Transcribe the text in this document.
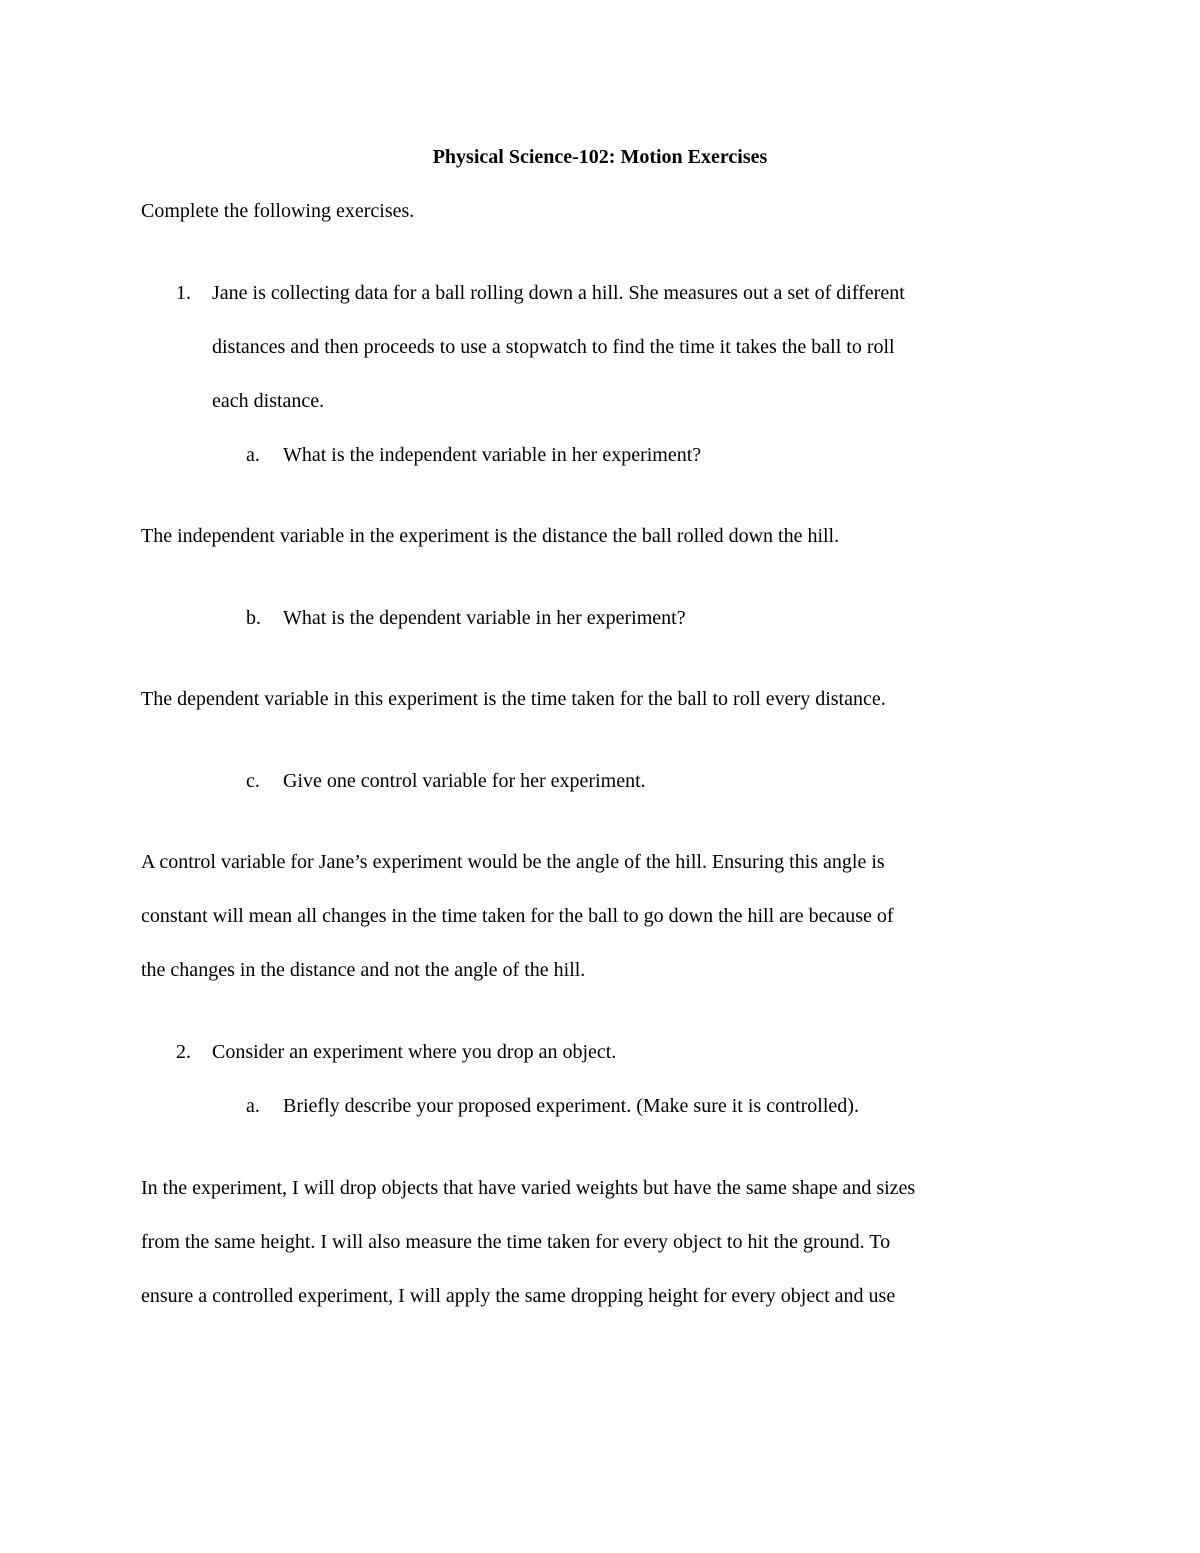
Physical Science-102: Motion Exercises
Complete the following exercises.
1. Jane is collecting data for a ball rolling down a hill. She measures out a set of different
distances and then proceeds to use a stopwatch to find the time it takes the ball to roll
each distance.
a. What is the independent variable in her experiment?
The independent variable in the experiment is the distance the ball rolled down the hill.
b. What is the dependent variable in her experiment?
The dependent variable in this experiment is the time taken for the ball to roll every distance.
c. Give one control variable for her experiment.
A control variable for Jane’s experiment would be the angle of the hill. Ensuring this angle is
constant will mean all changes in the time taken for the ball to go down the hill are because of
the changes in the distance and not the angle of the hill.
2. Consider an experiment where you drop an object.
a. Briefly describe your proposed experiment. (Make sure it is controlled).
In the experiment, I will drop objects that have varied weights but have the same shape and sizes
from the same height. I will also measure the time taken for every object to hit the ground. To
ensure a controlled experiment, I will apply the same dropping height for every object and use
